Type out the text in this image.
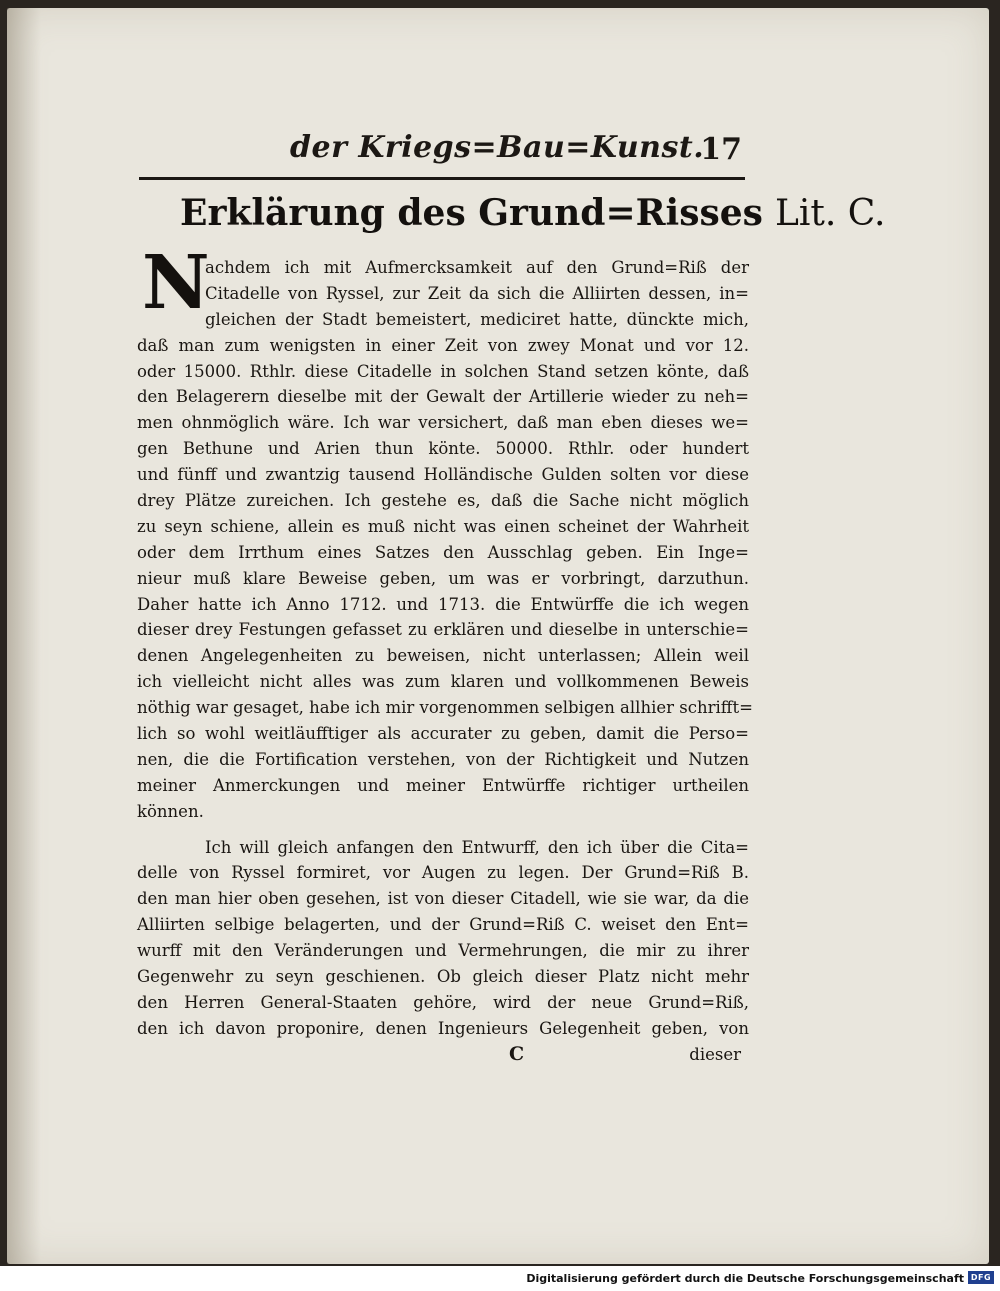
der Kriegs=Bau=Kunst.
17
Erklärung des Grund=Risses Lit. C.
N
achdem ich mit Aufmercksamkeit auf den Grund=Riß der
Citadelle von Ryssel, zur Zeit da sich die Alliirten dessen, in=
gleichen der Stadt bemeistert, mediciret hatte, dünckte mich,
daß man zum wenigsten in einer Zeit von zwey Monat und vor 12.
oder 15000. Rthlr. diese Citadelle in solchen Stand setzen könte, daß
den Belagerern dieselbe mit der Gewalt der Artillerie wieder zu neh=
men ohnmöglich wäre. Ich war versichert, daß man eben dieses we=
gen Bethune und Arien thun könte. 50000. Rthlr. oder hundert
und fünff und zwantzig tausend Holländische Gulden solten vor diese
drey Plätze zureichen. Ich gestehe es, daß die Sache nicht möglich
zu seyn schiene, allein es muß nicht was einen scheinet der Wahrheit
oder dem Irrthum eines Satzes den Ausschlag geben. Ein Inge=
nieur muß klare Beweise geben, um was er vorbringt, darzuthun.
Daher hatte ich Anno 1712. und 1713. die Entwürffe die ich wegen
dieser drey Festungen gefasset zu erklären und dieselbe in unterschie=
denen Angelegenheiten zu beweisen, nicht unterlassen; Allein weil
ich vielleicht nicht alles was zum klaren und vollkommenen Beweis
nöthig war gesaget, habe ich mir vorgenommen selbigen allhier schrifft=
lich so wohl weitläufftiger als accurater zu geben, damit die Perso=
nen, die die Fortification verstehen, von der Richtigkeit und Nutzen
meiner Anmerckungen und meiner Entwürffe richtiger urtheilen
können.
Ich will gleich anfangen den Entwurff, den ich über die Cita=
delle von Ryssel formiret, vor Augen zu legen. Der Grund=Riß B.
den man hier oben gesehen, ist von dieser Citadell, wie sie war, da die
Alliirten selbige belagerten, und der Grund=Riß C. weiset den Ent=
wurff mit den Veränderungen und Vermehrungen, die mir zu ihrer
Gegenwehr zu seyn geschienen. Ob gleich dieser Platz nicht mehr
den Herren General-Staaten gehöre, wird der neue Grund=Riß,
den ich davon proponire, denen Ingenieurs Gelegenheit geben, von
C	dieser
Digitalisierung gefördert durch die Deutsche Forschungsgemeinschaft DFG
